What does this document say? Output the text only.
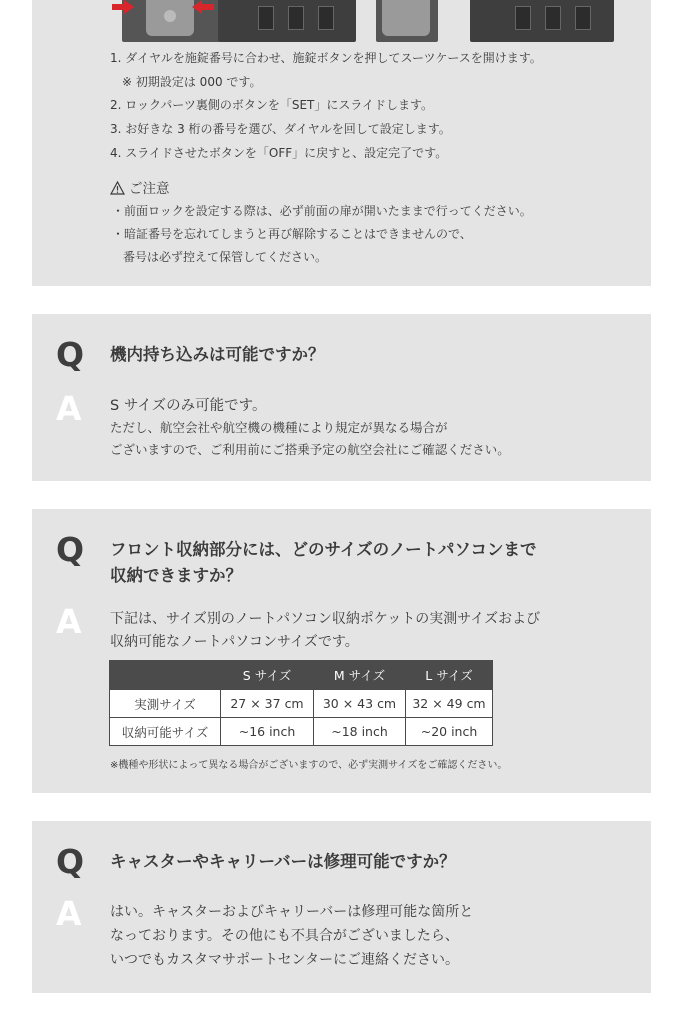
1. ダイヤルを施錠番号に合わせ、施錠ボタンを押してスーツケースを開けます。
※ 初期設定は 000 です。
2. ロックパーツ裏側のボタンを「SET」にスライドします。
3. お好きな 3 桁の番号を選び、ダイヤルを回して設定します。
4. スライドさせたボタンを「OFF」に戻すと、設定完了です。
ご注意
・前面ロックを設定する際は、必ず前面の扉が開いたままで行ってください。
・暗証番号を忘れてしまうと再び解除することはできませんので、
番号は必ず控えて保管してください。
Q 機内持ち込みは可能ですか？
A S サイズのみ可能です。
ただし、航空会社や航空機の機種により規定が異なる場合が
ございますので、ご利用前にご搭乗予定の航空会社にご確認ください。
Q フロント収納部分には、どのサイズのノートパソコンまで
収納できますか？
A 下記は、サイズ別のノートパソコン収納ポケットの実測サイズおよび
収納可能なノートパソコンサイズです。
	S サイズ	M サイズ	L サイズ
実測サイズ	27 × 37 cm	30 × 43 cm	32 × 49 cm
収納可能サイズ	~16 inch	~18 inch	~20 inch
※機種や形状によって異なる場合がございますので、必ず実測サイズをご確認ください。
Q キャスターやキャリーバーは修理可能ですか？
A はい。キャスターおよびキャリーバーは修理可能な箇所と
なっております。その他にも不具合がございましたら、
いつでもカスタマサポートセンターにご連絡ください。
